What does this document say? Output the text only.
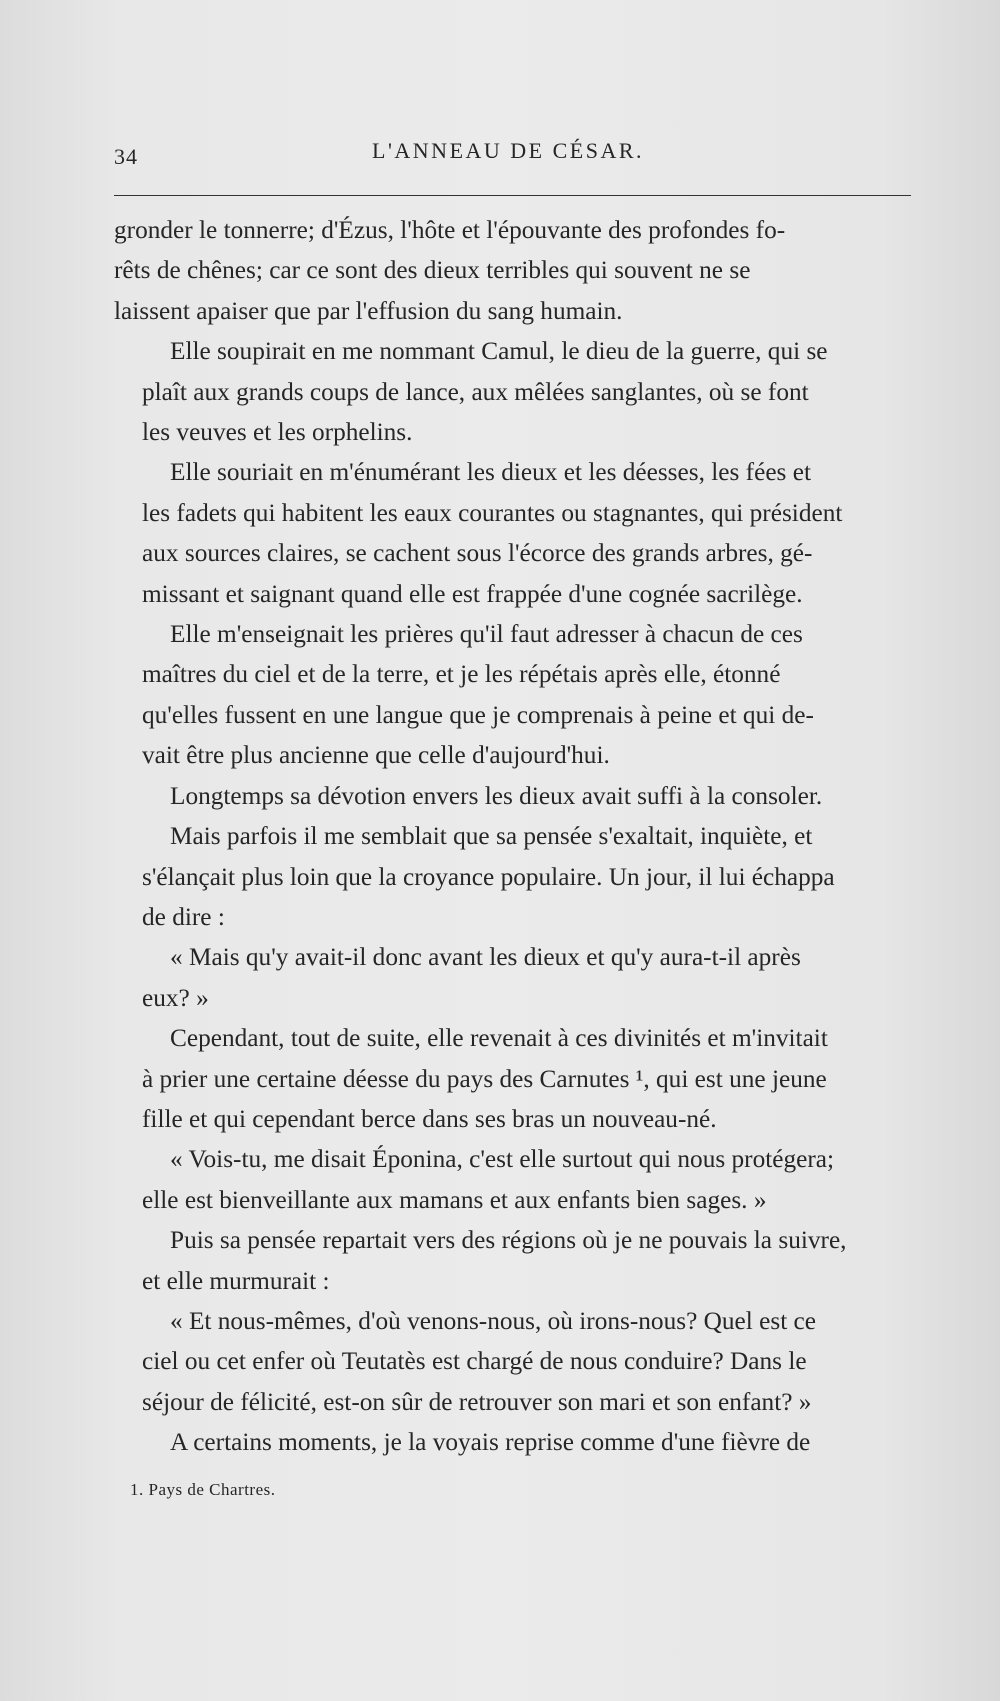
34	L'ANNEAU DE CÉSAR.

gronder le tonnerre; d'Ézus, l'hôte et l'épouvante des profondes fo-
rêts de chênes; car ce sont des dieux terribles qui souvent ne se
laissent apaiser que par l'effusion du sang humain.

Elle soupirait en me nommant Camul, le dieu de la guerre, qui se
plaît aux grands coups de lance, aux mêlées sanglantes, où se font
les veuves et les orphelins.

Elle souriait en m'énumérant les dieux et les déesses, les fées et
les fadets qui habitent les eaux courantes ou stagnantes, qui président
aux sources claires, se cachent sous l'écorce des grands arbres, gé-
missant et saignant quand elle est frappée d'une cognée sacrilège.

Elle m'enseignait les prières qu'il faut adresser à chacun de ces
maîtres du ciel et de la terre, et je les répétais après elle, étonné
qu'elles fussent en une langue que je comprenais à peine et qui de-
vait être plus ancienne que celle d'aujourd'hui.

Longtemps sa dévotion envers les dieux avait suffi à la consoler.

Mais parfois il me semblait que sa pensée s'exaltait, inquiète, et
s'élançait plus loin que la croyance populaire. Un jour, il lui échappa
de dire :

« Mais qu'y avait-il donc avant les dieux et qu'y aura-t-il après
eux? »

Cependant, tout de suite, elle revenait à ces divinités et m'invitait
à prier une certaine déesse du pays des Carnutes ¹, qui est une jeune
fille et qui cependant berce dans ses bras un nouveau-né.

« Vois-tu, me disait Éponina, c'est elle surtout qui nous protégera;
elle est bienveillante aux mamans et aux enfants bien sages. »

Puis sa pensée repartait vers des régions où je ne pouvais la suivre,
et elle murmurait :

« Et nous-mêmes, d'où venons-nous, où irons-nous? Quel est ce
ciel ou cet enfer où Teutatès est chargé de nous conduire? Dans le
séjour de félicité, est-on sûr de retrouver son mari et son enfant? »

A certains moments, je la voyais reprise comme d'une fièvre de

1. Pays de Chartres.
